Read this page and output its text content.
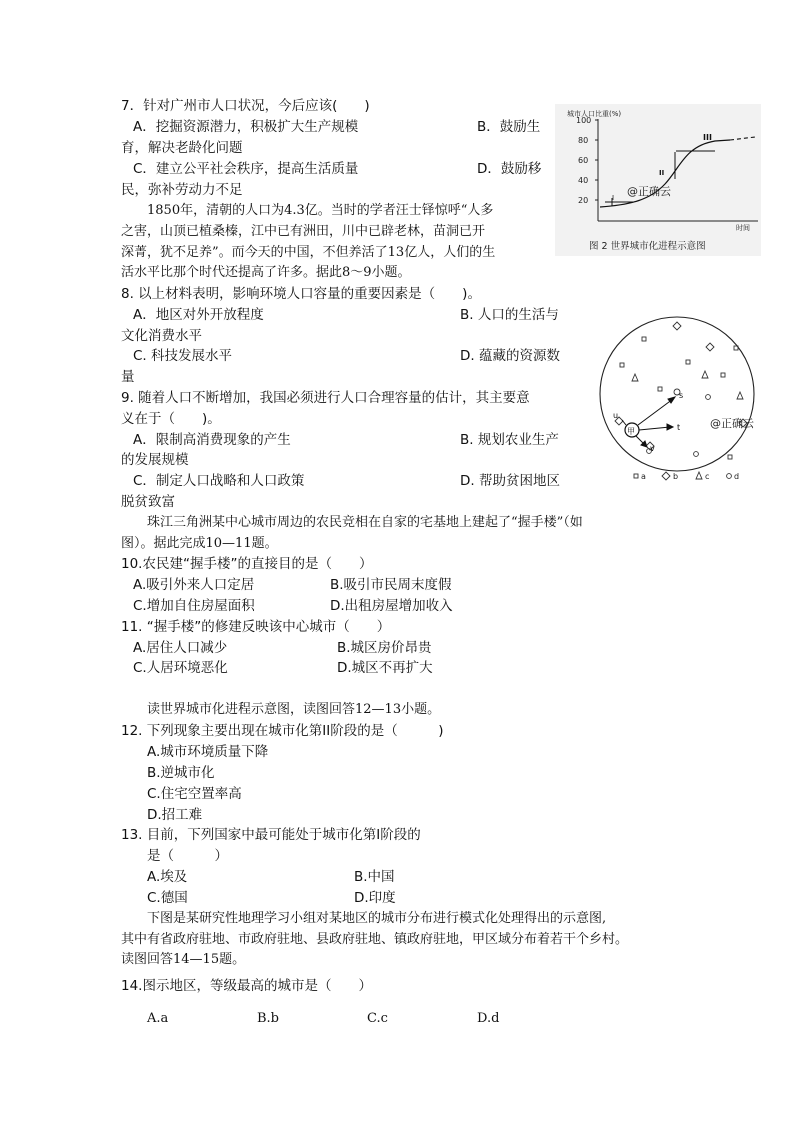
7．针对广州市人口状况，今后应该(　　)
A．挖掘资源潜力，积极扩大生产规模	B．鼓励生
育，解决老龄化问题
C．建立公平社会秩序，提高生活质量	D．鼓励移
民，弥补劳动力不足
1850年，清朝的人口为4.3亿。当时的学者汪士铎惊呼“人多
之害，山顶已植桑榛，江中已有洲田，川中已辟老林，苗洞已开
深菁，犹不足养”。而今天的中国，不但养活了13亿人，人们的生
活水平比那个时代还提高了许多。据此8～9小题。
8. 以上材料表明，影响环境人口容量的重要因素是（　　)。
A．地区对外开放程度	B. 人口的生活与
文化消费水平
C. 科技发展水平	D. 蕴藏的资源数
量
9. 随着人口不断增加，我国必须进行人口合理容量的估计，其主要意
义在于（　　)。
A．限制高消费现象的产生	B. 规划农业生产
的发展规模
C．制定人口战略和人口政策	D. 帮助贫困地区
脱贫致富
珠江三角洲某中心城市周边的农民竞相在自家的宅基地上建起了“握手楼”（如
图）。据此完成10—11题。
10.农民建“握手楼”的直接目的是（　　）
A.吸引外来人口定居	B.吸引市民周末度假
C.增加自住房屋面积	D.出租房屋增加收入
11. “握手楼”的修建反映该中心城市（　　）
A.居住人口减少	B.城区房价昂贵
C.人居环境恶化	D.城区不再扩大
读世界城市化进程示意图，读图回答12—13小题。
12. 下列现象主要出现在城市化第II阶段的是（　　　)
A.城市环境质量下降
B.逆城市化
C.住宅空置率高
D.招工难
13. 目前，下列国家中最可能处于城市化第Ⅰ阶段的
是（　　　）
A.埃及	B.中国
C.德国	D.印度
下图是某研究性地理学习小组对某地区的城市分布进行模式化处理得出的示意图,
其中有省政府驻地、市政府驻地、县政府驻地、镇政府驻地，甲区域分布着若干个乡村。
读图回答14—15题。
14.图示地区，等级最高的城市是（　　）
A.a	B.b	C.c	D.d
城市人口比重(%)
100
80
60
40
20	I
II
III
@正确云
时间
图 2 世界城市化进程示意图
甲
s
u
t
v
@正确云
a	b	c	d
